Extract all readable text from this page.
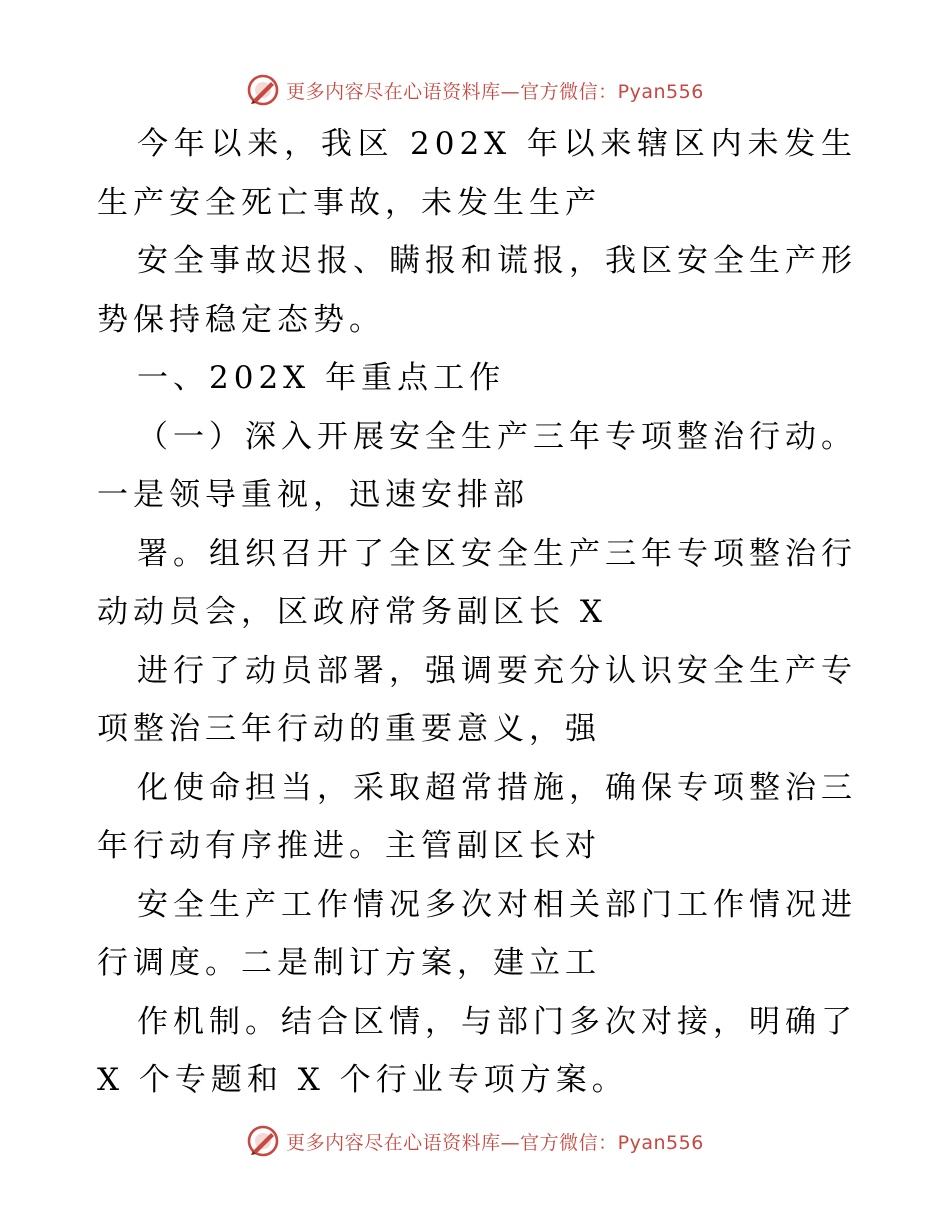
更多内容尽在心语资料库—官方微信：Pyan556

今年以来，我区 202X 年以来辖区内未发生生产安全死亡事故，未发生生产

安全事故迟报、瞒报和谎报，我区安全生产形势保持稳定态势。

一、202X 年重点工作

（一）深入开展安全生产三年专项整治行动。一是领导重视，迅速安排部

署。组织召开了全区安全生产三年专项整治行动动员会，区政府常务副区长 X

进行了动员部署，强调要充分认识安全生产专项整治三年行动的重要意义，强

化使命担当，采取超常措施，确保专项整治三年行动有序推进。主管副区长对

安全生产工作情况多次对相关部门工作情况进行调度。二是制订方案，建立工

作机制。结合区情，与部门多次对接，明确了 X 个专题和 X 个行业专项方案。

更多内容尽在心语资料库—官方微信：Pyan556
